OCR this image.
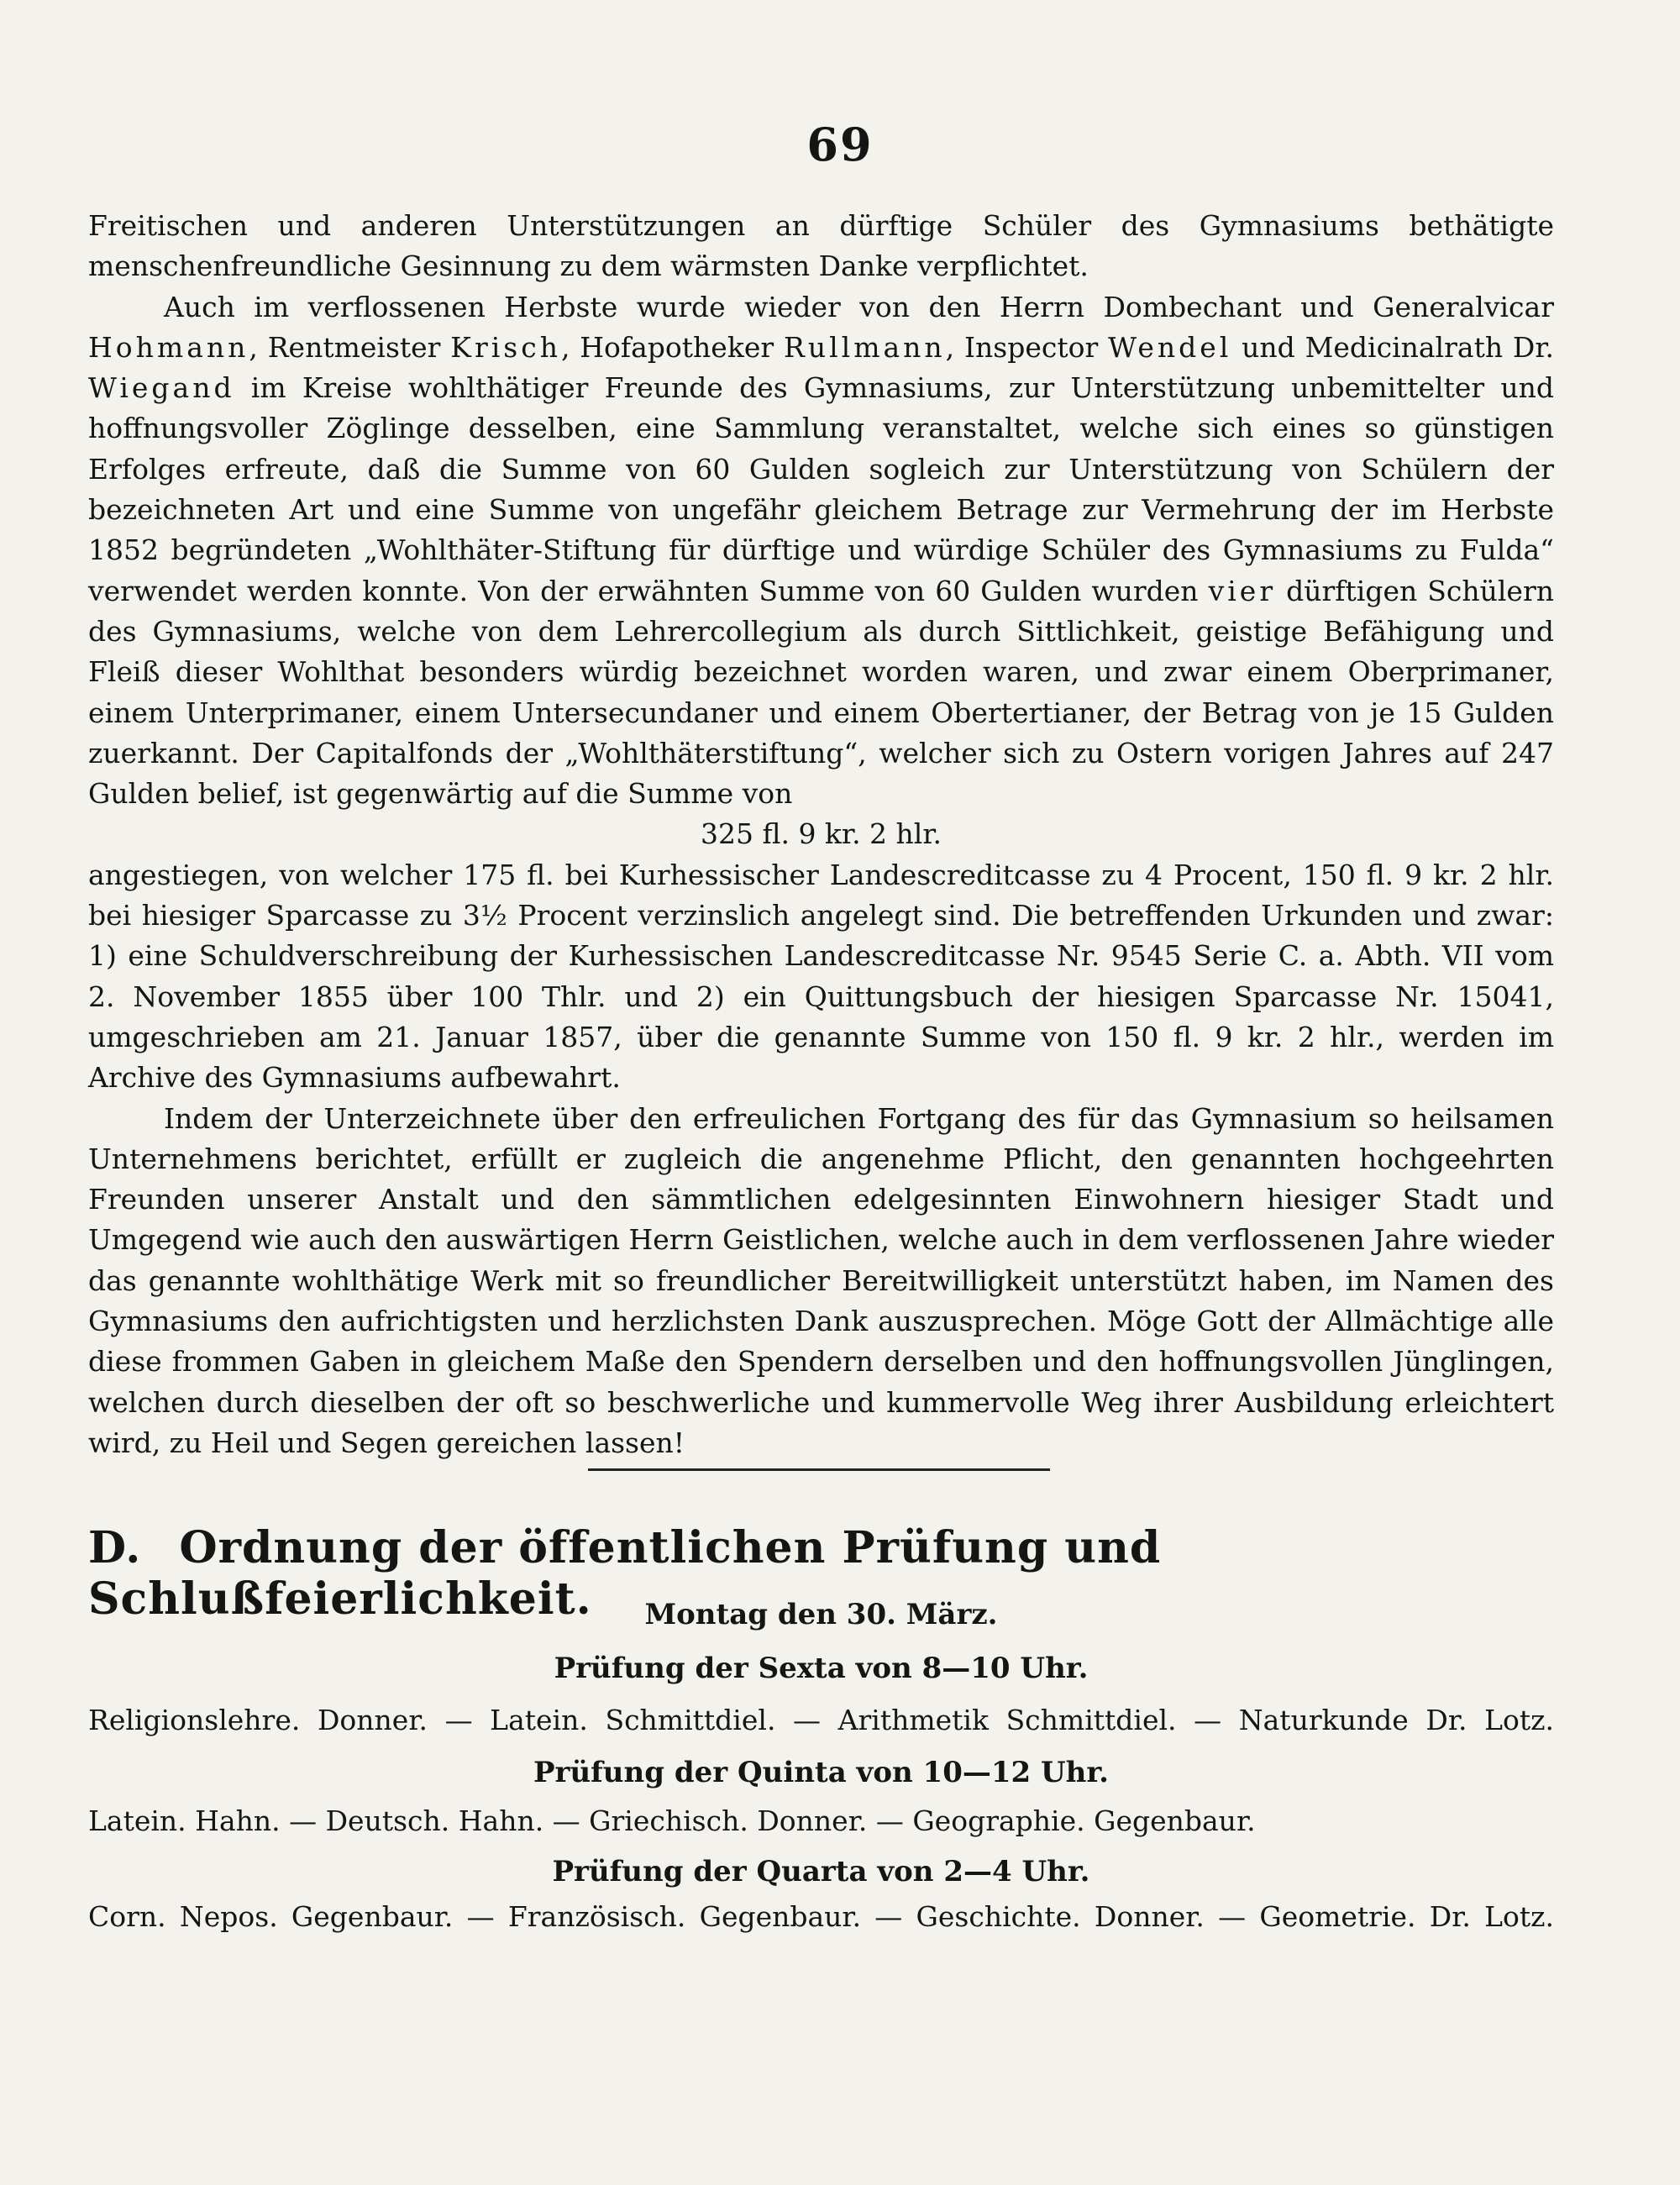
69

Freitischen und anderen Unterstützungen an dürftige Schüler des Gymnasiums bethätigte menschenfreundliche Gesinnung zu dem wärmsten Danke verpflichtet.

Auch im verflossenen Herbste wurde wieder von den Herrn Dombechant und Generalvicar Hohmann, Rentmeister Krisch, Hofapotheker Rullmann, Inspector Wendel und Medicinalrath Dr. Wiegand im Kreise wohlthätiger Freunde des Gymnasiums, zur Unterstützung unbemittelter und hoffnungsvoller Zöglinge desselben, eine Sammlung veranstaltet, welche sich eines so günstigen Erfolges erfreute, daß die Summe von 60 Gulden sogleich zur Unterstützung von Schülern der bezeichneten Art und eine Summe von ungefähr gleichem Betrage zur Vermehrung der im Herbste 1852 begründeten „Wohlthäter-Stiftung für dürftige und würdige Schüler des Gymnasiums zu Fulda“ verwendet werden konnte. Von der erwähnten Summe von 60 Gulden wurden vier dürftigen Schülern des Gymnasiums, welche von dem Lehrercollegium als durch Sittlichkeit, geistige Befähigung und Fleiß dieser Wohlthat besonders würdig bezeichnet worden waren, und zwar einem Oberprimaner, einem Unterprimaner, einem Untersecundaner und einem Obertertianer, der Betrag von je 15 Gulden zuerkannt. Der Capitalfonds der „Wohlthäterstiftung“, welcher sich zu Ostern vorigen Jahres auf 247 Gulden belief, ist gegenwärtig auf die Summe von

325 fl. 9 kr. 2 hlr.

angestiegen, von welcher 175 fl. bei Kurhessischer Landescreditcasse zu 4 Procent, 150 fl. 9 kr. 2 hlr. bei hiesiger Sparcasse zu 3½ Procent verzinslich angelegt sind. Die betreffenden Urkunden und zwar: 1) eine Schuldverschreibung der Kurhessischen Landescreditcasse Nr. 9545 Serie C. a. Abth. VII vom 2. November 1855 über 100 Thlr. und 2) ein Quittungsbuch der hiesigen Sparcasse Nr. 15041, umgeschrieben am 21. Januar 1857, über die genannte Summe von 150 fl. 9 kr. 2 hlr., werden im Archive des Gymnasiums aufbewahrt.

Indem der Unterzeichnete über den erfreulichen Fortgang des für das Gymnasium so heilsamen Unternehmens berichtet, erfüllt er zugleich die angenehme Pflicht, den genannten hochgeehrten Freunden unserer Anstalt und den sämmtlichen edelgesinnten Einwohnern hiesiger Stadt und Umgegend wie auch den auswärtigen Herrn Geistlichen, welche auch in dem verflossenen Jahre wieder das genannte wohlthätige Werk mit so freundlicher Bereitwilligkeit unterstützt haben, im Namen des Gymnasiums den aufrichtigsten und herzlichsten Dank auszusprechen. Möge Gott der Allmächtige alle diese frommen Gaben in gleichem Maße den Spendern derselben und den hoffnungsvollen Jünglingen, welchen durch dieselben der oft so beschwerliche und kummervolle Weg ihrer Ausbildung erleichtert wird, zu Heil und Segen gereichen lassen!

D. Ordnung der öffentlichen Prüfung und Schlußfeierlichkeit.	Montag den 30. März.
Prüfung der Sexta von 8—10 Uhr.
Religionslehre. Donner. — Latein. Schmittdiel. — Arithmetik Schmittdiel. — Naturkunde Dr. Lotz.
Prüfung der Quinta von 10—12 Uhr.
Latein. Hahn. — Deutsch. Hahn. — Griechisch. Donner. — Geographie. Gegenbaur.
Prüfung der Quarta von 2—4 Uhr.
Corn. Nepos. Gegenbaur. — Französisch. Gegenbaur. — Geschichte. Donner. — Geometrie. Dr. Lotz.
